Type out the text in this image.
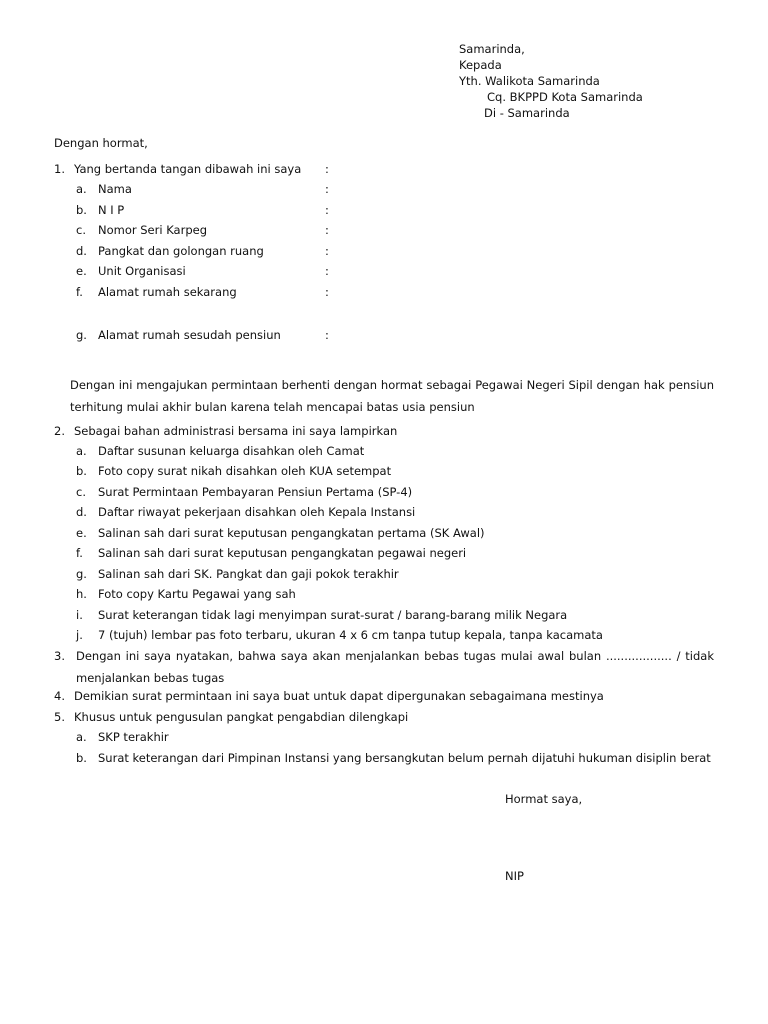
Samarinda,
Kepada
Yth. Walikota Samarinda
Cq. BKPPD Kota Samarinda
Di - Samarinda
Dengan hormat,
1. Yang bertanda tangan dibawah ini saya :
a. Nama	:
b. N I P	:
c. Nomor Seri Karpeg	:
d. Pangkat dan golongan ruang	:
e. Unit Organisasi	:
f. Alamat rumah sekarang	:
g. Alamat rumah sesudah pensiun	:
Dengan ini mengajukan permintaan berhenti dengan hormat sebagai Pegawai Negeri Sipil dengan hak pensiun terhitung mulai akhir bulan karena telah mencapai batas usia pensiun
2. Sebagai bahan administrasi bersama ini saya lampirkan
a. Daftar susunan keluarga disahkan oleh Camat
b. Foto copy surat nikah disahkan oleh KUA setempat
c. Surat Permintaan Pembayaran Pensiun Pertama (SP-4)
d. Daftar riwayat pekerjaan disahkan oleh Kepala Instansi
e. Salinan sah dari surat keputusan pengangkatan pertama (SK Awal)
f. Salinan sah dari surat keputusan pengangkatan pegawai negeri
g. Salinan sah dari SK. Pangkat dan gaji pokok terakhir
h. Foto copy Kartu Pegawai yang sah
i. Surat keterangan tidak lagi menyimpan surat-surat / barang-barang milik Negara
j. 7 (tujuh) lembar pas foto terbaru, ukuran 4 x 6 cm tanpa tutup kepala, tanpa kacamata
3. Dengan ini saya nyatakan, bahwa saya akan menjalankan bebas tugas mulai awal bulan .................. / tidak menjalankan bebas tugas
4. Demikian surat permintaan ini saya buat untuk dapat dipergunakan sebagaimana mestinya
5. Khusus untuk pengusulan pangkat pengabdian dilengkapi
a. SKP terakhir
b. Surat keterangan dari Pimpinan Instansi yang bersangkutan belum pernah dijatuhi hukuman disiplin berat
Hormat saya,
NIP
